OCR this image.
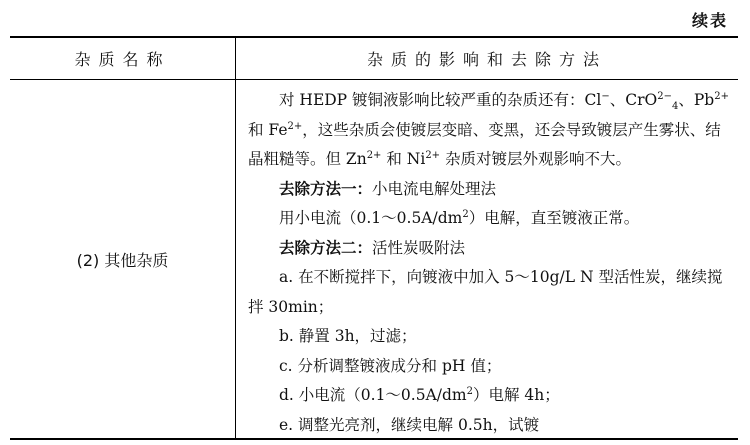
续表
杂质名称	杂质的影响和去除方法
(2) 其他杂质

对 HEDP 镀铜液影响比较严重的杂质还有：Cl−、CrO$^{2-}_4$、$Pb^{2+}$ 和 $Fe^{2+}$，这些杂质会使镀层变暗、变黑，还会导致镀层产生雾状、结晶粗糙等。但 $Zn^{2+}$ 和 $Ni^{2+}$ 杂质对镀层外观影响不大。

去除方法一：小电流电解处理法

用小电流$(0.1\sim 0.5A/dm^2)$电解，直至镀液正常。

去除方法二：活性炭吸附法

a. 在不断搅拌下，向镀液中加入 5～10g/L N 型活性炭，继续搅拌 30min；

b. 静置 3h，过滤；

c. 分析调整镀液成分和 pH 值；

d. 小电流$(0.1\sim 0.5A/dm^2)$电解 4h；

e. 调整光亮剂，继续电解 0.5h，试镀
